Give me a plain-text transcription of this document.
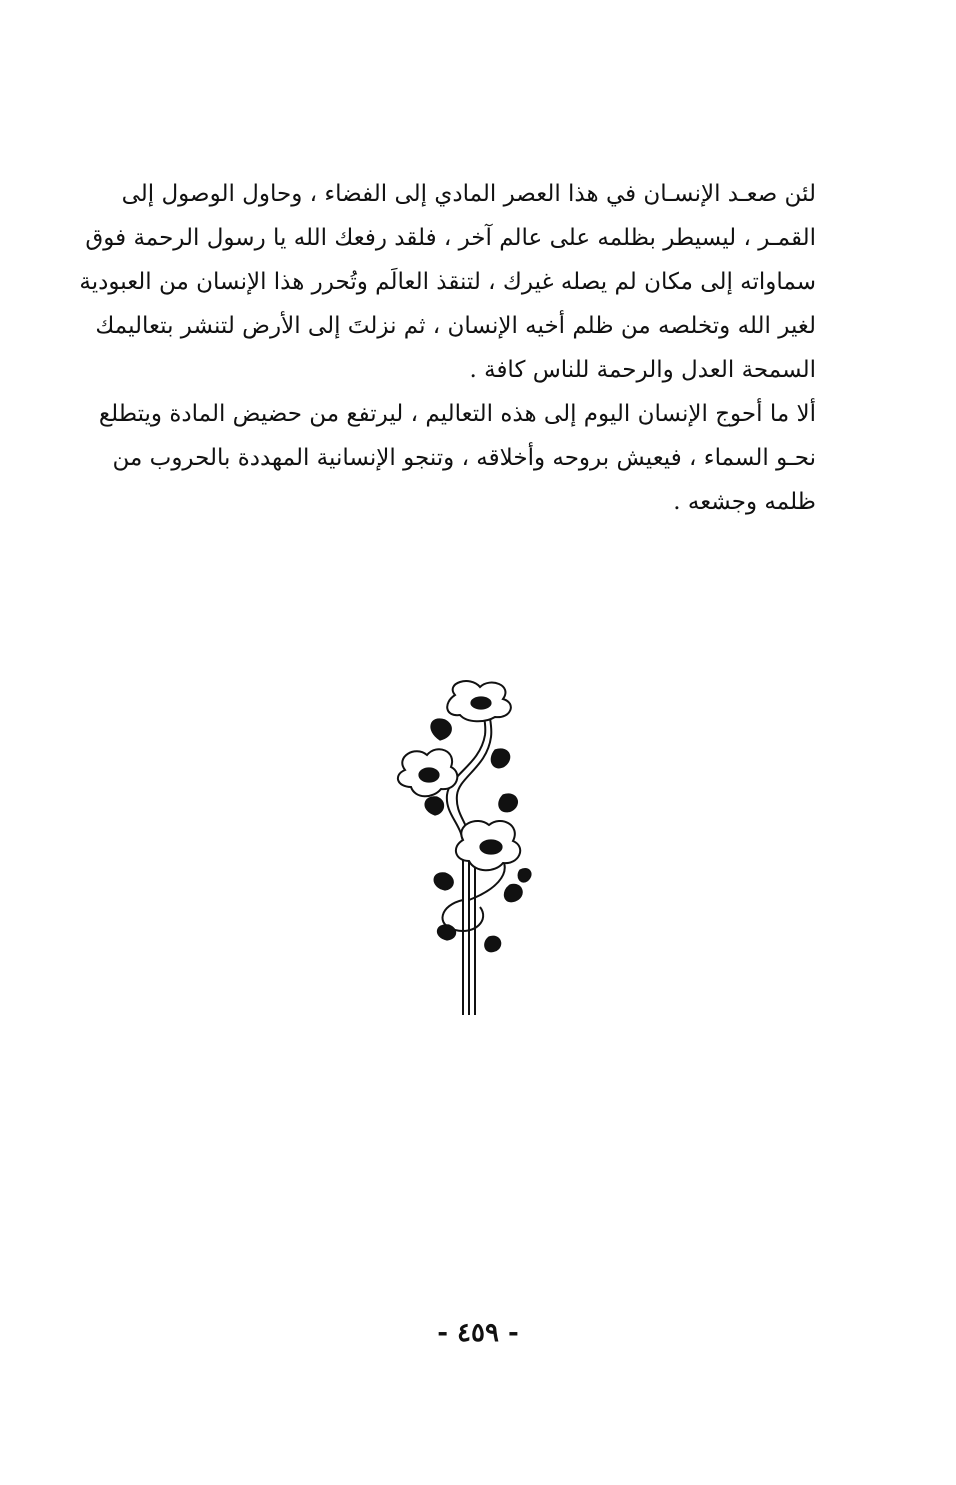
لئن صعـد الإنسـان في هذا العصر المادي إلى الفضاء ، وحاول الوصول إلى
القمـر ، ليسيطر بظلمه على عالم آخر ، فلقد رفعك الله يا رسول الرحمة فوق
سماواته إلى مكان لم يصله غيرك ، لتنقذ العالَم وتُحرر هذا الإنسان من العبودية
لغير الله وتخلصه من ظلم أخيه الإنسان ، ثم نزلتَ إلى الأرض لتنشر بتعاليمك
السمحة العدل والرحمة للناس كافة .
ألا ما أحوج الإنسان اليوم إلى هذه التعاليم ، ليرتفع من حضيض المادة ويتطلع
نحـو السماء ، فيعيش بروحه وأخلاقه ، وتنجو الإنسانية المهددة بالحروب من
ظلمه وجشعه .
- ٤٥٩ -
